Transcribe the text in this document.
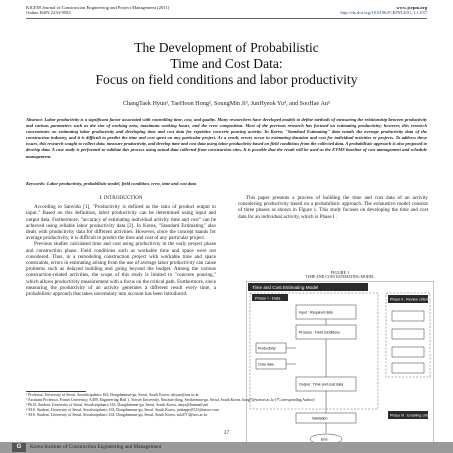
KICEM Journal of Construction Engineering and Project Management (2011)
Online ISSN 2233-9582
www.jcepm.org
http://dx.doi.org/10.6106/JCEPM.2011.1.1.037
The Development of Probabilistic
Time and Cost Data:
Focus on field conditions and labor productivity
ChangTaek Hyun¹, TaeHoon Hong², SoungMin Ji³, JunHyeok Yu⁴, and SooHae An⁵
Abstract: Labor productivity is a significant factor associated with controlling time, cost, and quality. Many researchers have developed models to define methods of measuring the relationship between productivity and various parameters such as the size of working area, maximum working hours, and the crew composition. Most of the previous research has focused on estimating productivity; however, this research concentrates on estimating labor productivity and developing time and cost data for repetitive concrete pouring activity. In Korea, "Standard Estimating" data entails the average productivity data of the construction industry, and it is difficult to predict the time and cost spent on any particular project. As a result, errors occur in estimating duration and cost for individual activities or projects. To address these issues, this research sought to collect data, measure productivity, and develop time and cost data using labor productivity based on field conditions from the collected data. A probabilistic approach is also proposed to develop data. A case study is performed to validate this process using actual data collected from construction sites. It is possible that the result will be used as the EVMS baseline of cost management and schedule management.
Keywords: Labor productivity, probabilistic model, field condition, crew, time and cost data
I. INTRODUCTION

According to Sanvido [1], "Productivity is defined as the ratio of product output to input." Based on this definition, labor productivity can be determined using input and output data. Furthermore, "accuracy of estimating individual activity time and cost" can be achieved using reliable labor productivity data [2]. In Korea, "Standard Estimating" also deals with productivity data for different activities. However, since the concept stands for average productivity, it is difficult to predict the time and cost of any particular project.

Previous studies calculated time and cost using productivity in the early project phase and construction phase. Field conditions such as workable time and space were not considered. Thus, in a remodeling construction project with workable time and space constraints, errors in estimating arising from the use of average labor productivity can cause problems such as delayed building and going beyond the budget. Among the various construction-related activities, the scope of this study is limited to "concrete pouring," which allows productivity measurement with a focus on the critical path. Furthermore, since measuring the productivity of an activity generates a different result every time, a probabilistic approach that takes uncertainty into account has been introduced.

This paper presents a process of building the time and cost data of an activity considering productivity based on a probabilistic approach. The exhaustive model consists of three phases as shown in Figure 1. This study focuses on developing the time and cost data for an individual activity, which is Phase I .

FIGURE 1
TIME AND COST ESTIMATING MODEL
Time and Cost Estimating Model
Phase I : Data
Input : Required data
Process : Field conditions
Productivity
Crew data
Output : Time and cost data
Phase II : Review criteria
Phase III : Enabling criteria
Validation
End
¹ Professor, University of Seoul, Seoulsiripdaero 163, Dongdaemun-gu, Seoul, South Korea, cthyun@uos.ac.kr
² Assistant Professor, Yonsei University, A409, Engineering Hall 1, Yonsei University, Sinchon-dong, Seodaemun-gu, Seoul, South Korea, hong7@yonsei.ac.kr (*Corresponding Author)
³ Ph.D. Student, University of Seoul, Seoulsiripdaero 163, Dongdaemun-gu, Seoul, South Korea, ismjx@hanmail.net
⁴ M.S. Student, University of Seoul, Seoulsiripdaero 163, Dongdaemun-gu, Seoul, South Korea, junhappy0521@naver.com
⁵ M.S. Student, University of Seoul, Seoulsiripdaero 163, Dongdaemun-gu, Seoul, South Korea, ash4713@uos.ac.kr
37
G	Korea Institute of Construction Engineering and Management
